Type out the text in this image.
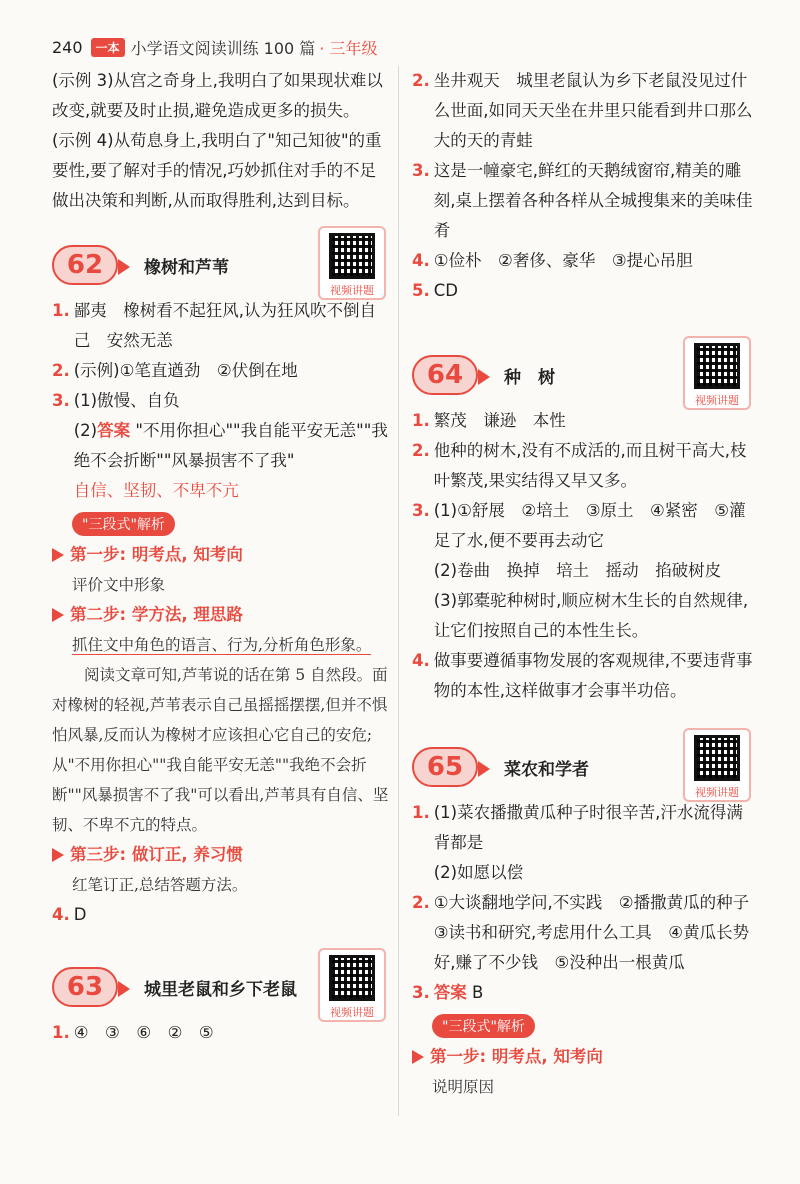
240	一本 小学语文阅读训练 100 篇 · 三年级

(示例 3)从宫之奇身上,我明白了如果现状难以改变,就要及时止损,避免造成更多的损失。

(示例 4)从荀息身上,我明白了"知己知彼"的重要性,要了解对手的情况,巧妙抓住对手的不足做出决策和判断,从而取得胜利,达到目标。

62	橡树和芦苇
视频讲题
1. 鄙夷　橡树看不起狂风,认为狂风吹不倒自己　安然无恙
2. (示例)①笔直遒劲　②伏倒在地
3. (1)傲慢、自负
(2)答案 "不用你担心""我自能平安无恙""我绝不会折断""风暴损害不了我"
自信、坚韧、不卑不亢
"三段式"解析
第一步: 明考点, 知考向
评价文中形象
第二步: 学方法, 理思路
抓住文中角色的语言、行为,分析角色形象。
阅读文章可知,芦苇说的话在第 5 自然段。面对橡树的轻视,芦苇表示自己虽摇摇摆摆,但并不惧怕风暴,反而认为橡树才应该担心它自己的安危;从"不用你担心""我自能平安无恙""我绝不会折断""风暴损害不了我"可以看出,芦苇具有自信、坚韧、不卑不亢的特点。
第三步: 做订正, 养习惯
红笔订正,总结答题方法。
4. D
63	城里老鼠和乡下老鼠
视频讲题
1. ④　③　⑥　②　⑤
2. 坐井观天　城里老鼠认为乡下老鼠没见过什么世面,如同天天坐在井里只能看到井口那么大的天的青蛙
3. 这是一幢豪宅,鲜红的天鹅绒窗帘,精美的雕刻,桌上摆着各种各样从全城搜集来的美味佳肴
4. ①俭朴　②奢侈、豪华　③提心吊胆
5. CD
64	种　树
视频讲题
1. 繁茂　谦逊　本性
2. 他种的树木,没有不成活的,而且树干高大,枝叶繁茂,果实结得又早又多。
3. (1)①舒展　②培土　③原土　④紧密　⑤灌足了水,便不要再去动它
(2)卷曲　换掉　培土　摇动　掐破树皮
(3)郭橐驼种树时,顺应树木生长的自然规律,让它们按照自己的本性生长。
4. 做事要遵循事物发展的客观规律,不要违背事物的本性,这样做事才会事半功倍。
65	菜农和学者
视频讲题
1. (1)菜农播撒黄瓜种子时很辛苦,汗水流得满背都是
(2)如愿以偿
2. ①大谈翻地学问,不实践　②播撒黄瓜的种子　③读书和研究,考虑用什么工具　④黄瓜长势好,赚了不少钱　⑤没种出一根黄瓜
3. 答案 B
"三段式"解析
第一步: 明考点, 知考向
说明原因
